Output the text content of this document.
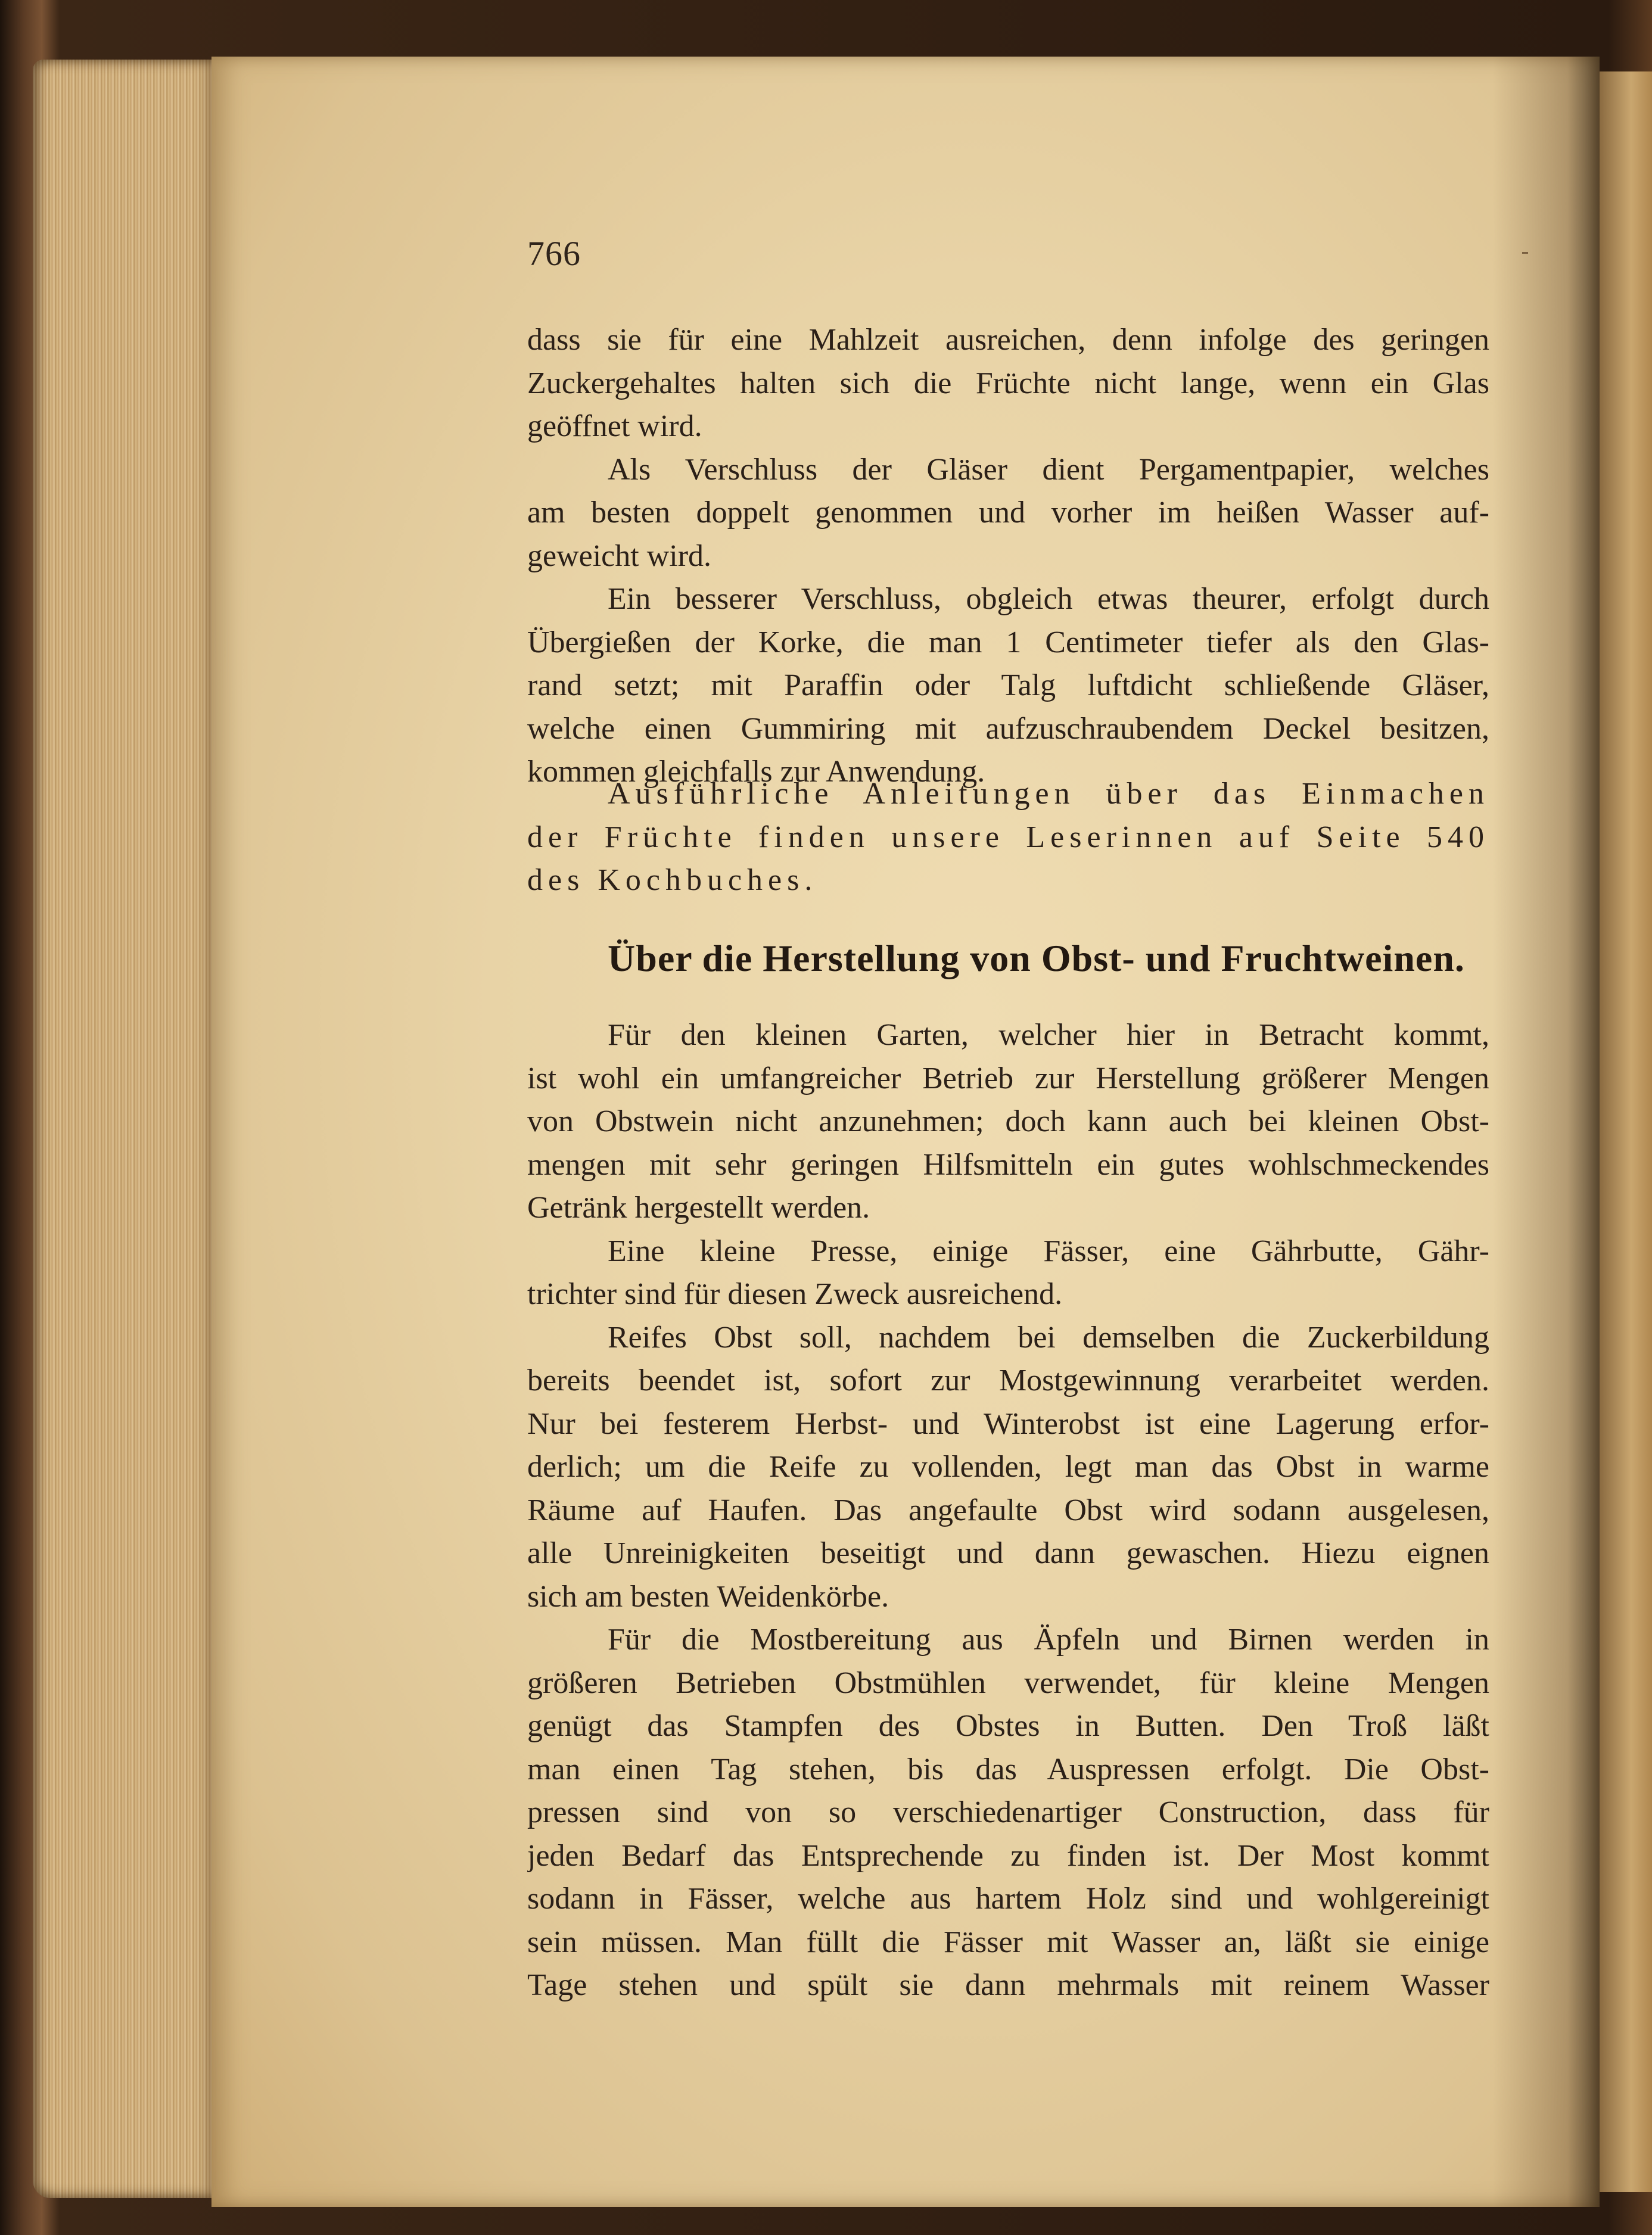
766
dass sie für eine Mahlzeit ausreichen, denn infolge des geringen
Zuckergehaltes halten sich die Früchte nicht lange, wenn ein Glas
geöffnet wird.
Als Verschluss der Gläser dient Pergamentpapier, welches
am besten doppelt genommen und vorher im heißen Wasser auf-
geweicht wird.
Ein besserer Verschluss, obgleich etwas theurer, erfolgt durch
Übergießen der Korke, die man 1 Centimeter tiefer als den Glas-
rand setzt; mit Paraffin oder Talg luftdicht schließende Gläser,
welche einen Gummiring mit aufzuschraubendem Deckel besitzen,
kommen gleichfalls zur Anwendung.
Ausführliche Anleitungen über das Einmachen
der Früchte finden unsere Leserinnen auf Seite 540
des Kochbuches.
Über die Herstellung von Obst- und Fruchtweinen.
Für den kleinen Garten, welcher hier in Betracht kommt,
ist wohl ein umfangreicher Betrieb zur Herstellung größerer Mengen
von Obstwein nicht anzunehmen; doch kann auch bei kleinen Obst-
mengen mit sehr geringen Hilfsmitteln ein gutes wohlschmeckendes
Getränk hergestellt werden.
Eine kleine Presse, einige Fässer, eine Gährbutte, Gähr-
trichter sind für diesen Zweck ausreichend.
Reifes Obst soll, nachdem bei demselben die Zuckerbildung
bereits beendet ist, sofort zur Mostgewinnung verarbeitet werden.
Nur bei festerem Herbst- und Winterobst ist eine Lagerung erfor-
derlich; um die Reife zu vollenden, legt man das Obst in warme
Räume auf Haufen. Das angefaulte Obst wird sodann ausgelesen,
alle Unreinigkeiten beseitigt und dann gewaschen. Hiezu eignen
sich am besten Weidenkörbe.
Für die Mostbereitung aus Äpfeln und Birnen werden in
größeren Betrieben Obstmühlen verwendet, für kleine Mengen
genügt das Stampfen des Obstes in Butten. Den Troß läßt
man einen Tag stehen, bis das Auspressen erfolgt. Die Obst-
pressen sind von so verschiedenartiger Construction, dass für
jeden Bedarf das Entsprechende zu finden ist. Der Most kommt
sodann in Fässer, welche aus hartem Holz sind und wohlgereinigt
sein müssen. Man füllt die Fässer mit Wasser an, läßt sie einige
Tage stehen und spült sie dann mehrmals mit reinem Wasser
